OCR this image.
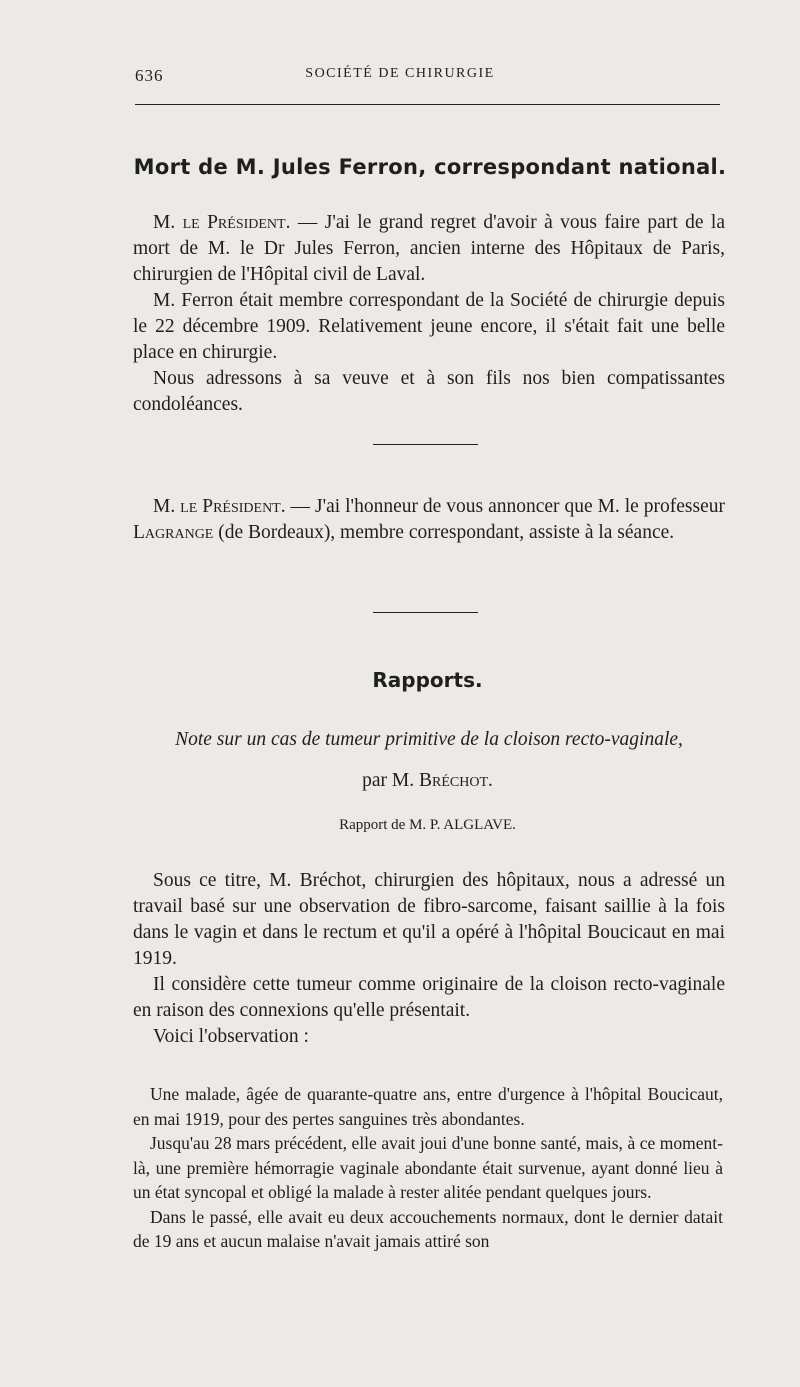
636	SOCIÉTÉ DE CHIRURGIE
Mort de M. Jules Ferron, correspondant national.

M. le Président. — J'ai le grand regret d'avoir à vous faire part de la mort de M. le Dr Jules Ferron, ancien interne des Hôpitaux de Paris, chirurgien de l'Hôpital civil de Laval.

M. Ferron était membre correspondant de la Société de chirurgie depuis le 22 décembre 1909. Relativement jeune encore, il s'était fait une belle place en chirurgie.

Nous adressons à sa veuve et à son fils nos bien compatissantes condoléances.

M. le Président. — J'ai l'honneur de vous annoncer que M. le professeur Lagrange (de Bordeaux), membre correspondant, assiste à la séance.

Rapports.
Note sur un cas de tumeur primitive de la cloison recto-vaginale,
par M. Bréchot.
Rapport de M. P. ALGLAVE.

Sous ce titre, M. Bréchot, chirurgien des hôpitaux, nous a adressé un travail basé sur une observation de fibro-sarcome, faisant saillie à la fois dans le vagin et dans le rectum et qu'il a opéré à l'hôpital Boucicaut en mai 1919.

Il considère cette tumeur comme originaire de la cloison recto-vaginale en raison des connexions qu'elle présentait.

Voici l'observation :

Une malade, âgée de quarante-quatre ans, entre d'urgence à l'hôpital Boucicaut, en mai 1919, pour des pertes sanguines très abondantes.

Jusqu'au 28 mars précédent, elle avait joui d'une bonne santé, mais, à ce moment-là, une première hémorragie vaginale abondante était survenue, ayant donné lieu à un état syncopal et obligé la malade à rester alitée pendant quelques jours.

Dans le passé, elle avait eu deux accouchements normaux, dont le dernier datait de 19 ans et aucun malaise n'avait jamais attiré son
